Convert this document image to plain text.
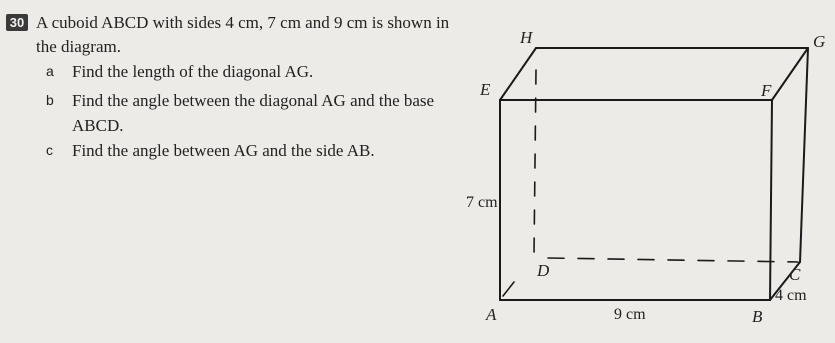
30 A cuboid ABCD with sides 4 cm, 7 cm and 9 cm is shown in the diagram.
a Find the length of the diagonal AG.
b Find the angle between the diagonal AG and the base ABCD.
c Find the angle between AG and the side AB.
H	G
E	F
D	C
A	B
7 cm
9 cm
4 cm
